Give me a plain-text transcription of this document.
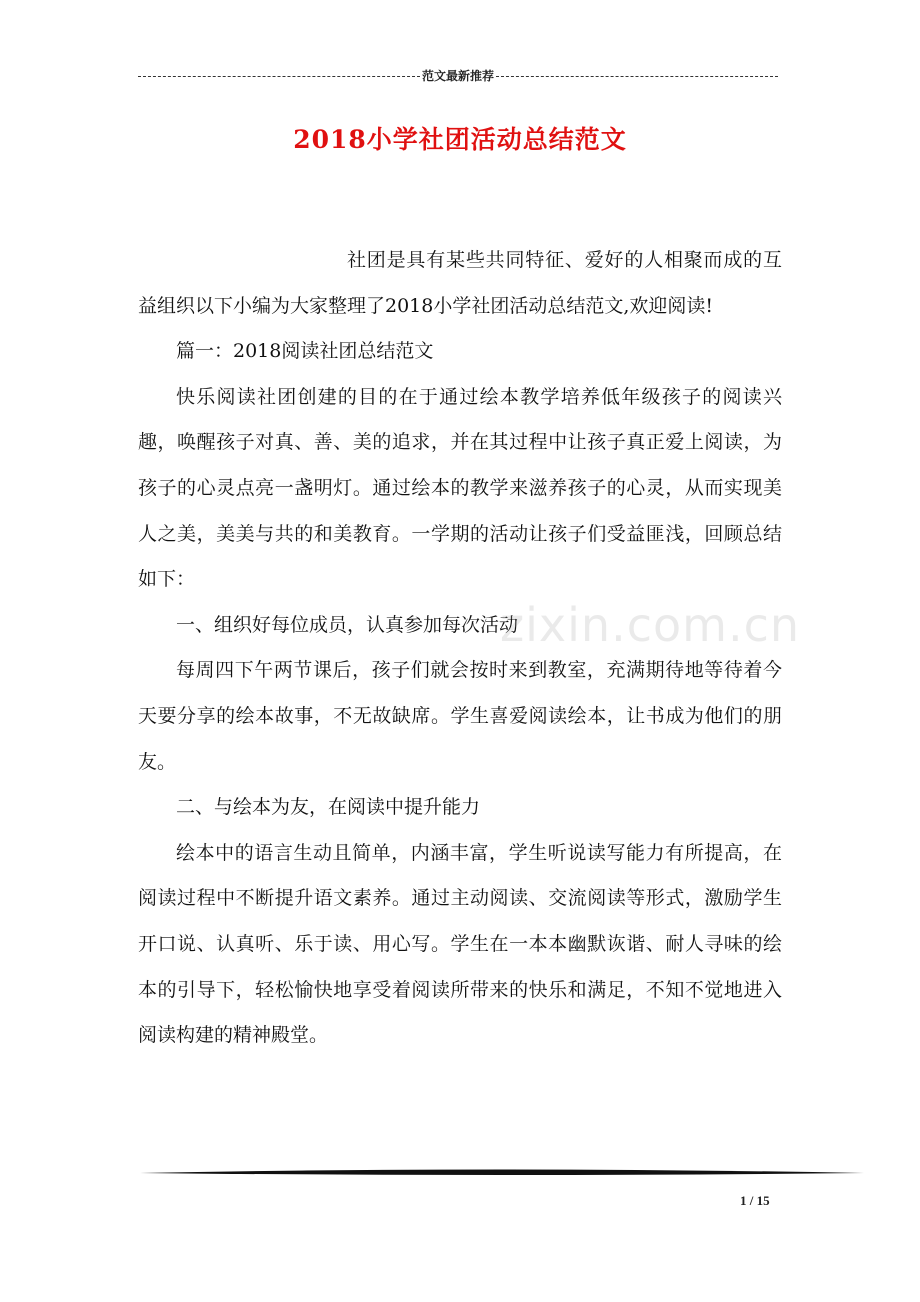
范文最新推荐
2018小学社团活动总结范文

社团是具有某些共同特征、爱好的人相聚而成的互益组织以下小编为大家整理了2018小学社团活动总结范文,欢迎阅读!

篇一：2018阅读社团总结范文

快乐阅读社团创建的目的在于通过绘本教学培养低年级孩子的阅读兴趣，唤醒孩子对真、善、美的追求，并在其过程中让孩子真正爱上阅读，为孩子的心灵点亮一盏明灯。通过绘本的教学来滋养孩子的心灵，从而实现美人之美，美美与共的和美教育。一学期的活动让孩子们受益匪浅，回顾总结如下：

一、组织好每位成员，认真参加每次活动

每周四下午两节课后，孩子们就会按时来到教室，充满期待地等待着今天要分享的绘本故事，不无故缺席。学生喜爱阅读绘本，让书成为他们的朋友。

二、与绘本为友，在阅读中提升能力

绘本中的语言生动且简单，内涵丰富，学生听说读写能力有所提高，在阅读过程中不断提升语文素养。通过主动阅读、交流阅读等形式，激励学生开口说、认真听、乐于读、用心写。学生在一本本幽默诙谐、耐人寻味的绘本的引导下，轻松愉快地享受着阅读所带来的快乐和满足，不知不觉地进入阅读构建的精神殿堂。

zixin.com.cn
1 / 15
